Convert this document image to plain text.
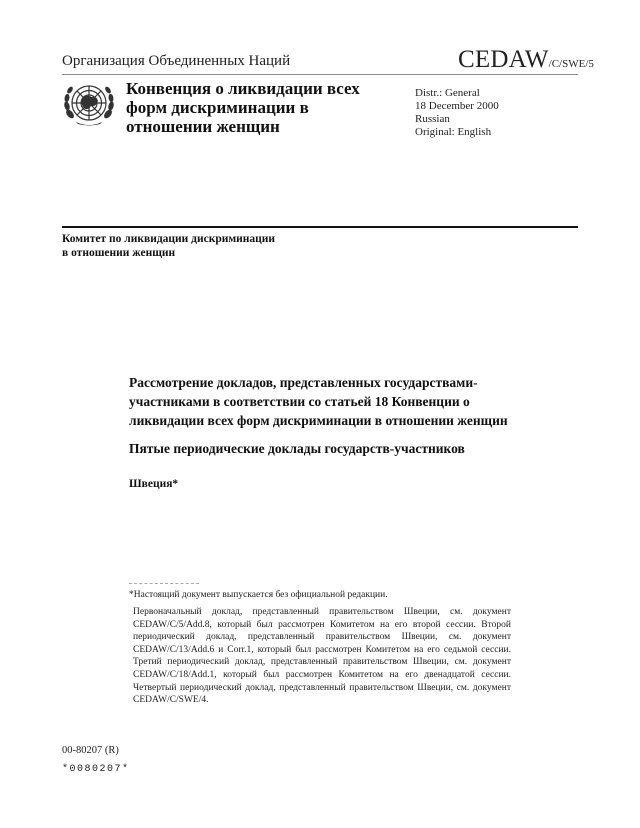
Организация Объединенных Наций	CEDAW/C/SWE/5
Конвенция о ликвидации всех
форм дискриминации в
отношении женщин
Distr.: General
18 December 2000
Russian
Original: English
Комитет по ликвидации дискриминации
в отношении женщин
Рассмотрение докладов, представленных государствами-
участниками в соответствии со статьей 18 Конвенции о
ликвидации всех форм дискриминации в отношении женщин
Пятые периодические доклады государств-участников
Швеция*
*Настоящий документ выпускается без официальной редакции.
Первоначальный доклад, представленный правительством Швеции, см. документ CEDAW/C/5/Add.8, который был рассмотрен Комитетом на его второй сессии. Второй периодический доклад, представленный правительством Швеции, см. документ CEDAW/C/13/Add.6 и Corr.1, который был рассмотрен Комитетом на его седьмой сессии. Третий периодический доклад, представленный правительством Швеции, см. документ CEDAW/C/18/Add.1, который был рассмотрен Комитетом на его двенадцатой сессии. Четвертый периодический доклад, представленный правительством Швеции, см. документ CEDAW/C/SWE/4.
00-80207 (R)
*0080207*
